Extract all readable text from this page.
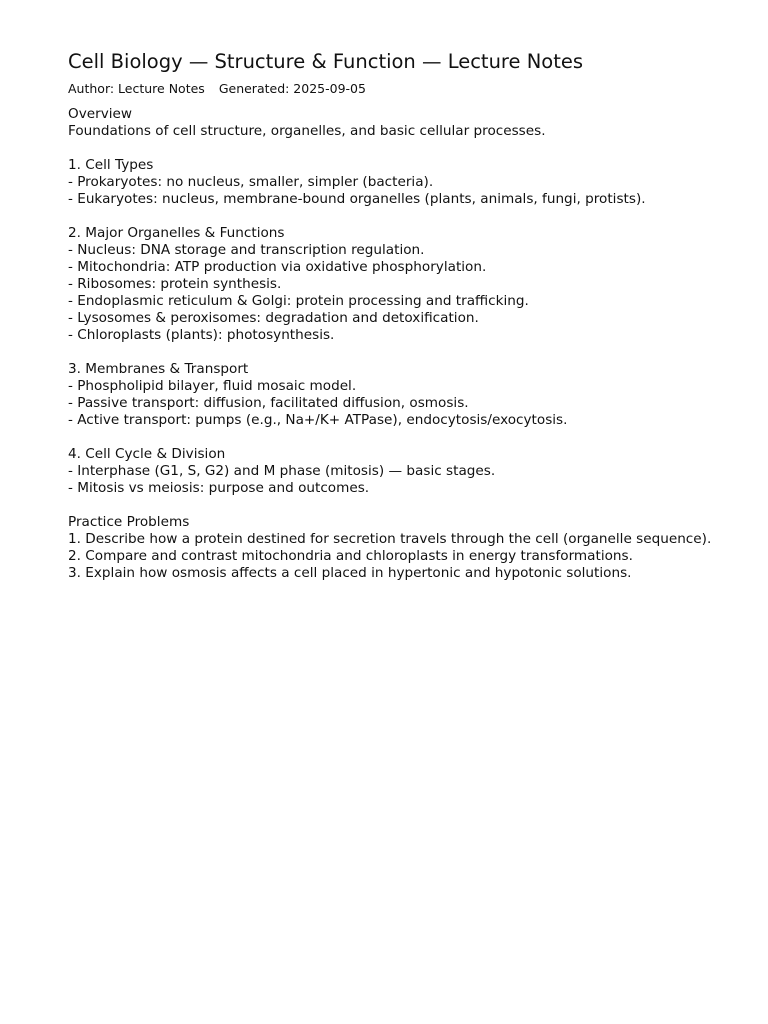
Cell Biology — Structure & Function — Lecture Notes
Author: Lecture Notes Generated: 2025-09-05
Overview
Foundations of cell structure, organelles, and basic cellular processes.
1. Cell Types
- Prokaryotes: no nucleus, smaller, simpler (bacteria).
- Eukaryotes: nucleus, membrane-bound organelles (plants, animals, fungi, protists).
2. Major Organelles & Functions
- Nucleus: DNA storage and transcription regulation.
- Mitochondria: ATP production via oxidative phosphorylation.
- Ribosomes: protein synthesis.
- Endoplasmic reticulum & Golgi: protein processing and trafficking.
- Lysosomes & peroxisomes: degradation and detoxification.
- Chloroplasts (plants): photosynthesis.
3. Membranes & Transport
- Phospholipid bilayer, fluid mosaic model.
- Passive transport: diffusion, facilitated diffusion, osmosis.
- Active transport: pumps (e.g., Na+/K+ ATPase), endocytosis/exocytosis.
4. Cell Cycle & Division
- Interphase (G1, S, G2) and M phase (mitosis) — basic stages.
- Mitosis vs meiosis: purpose and outcomes.
Practice Problems
1. Describe how a protein destined for secretion travels through the cell (organelle sequence).
2. Compare and contrast mitochondria and chloroplasts in energy transformations.
3. Explain how osmosis affects a cell placed in hypertonic and hypotonic solutions.
